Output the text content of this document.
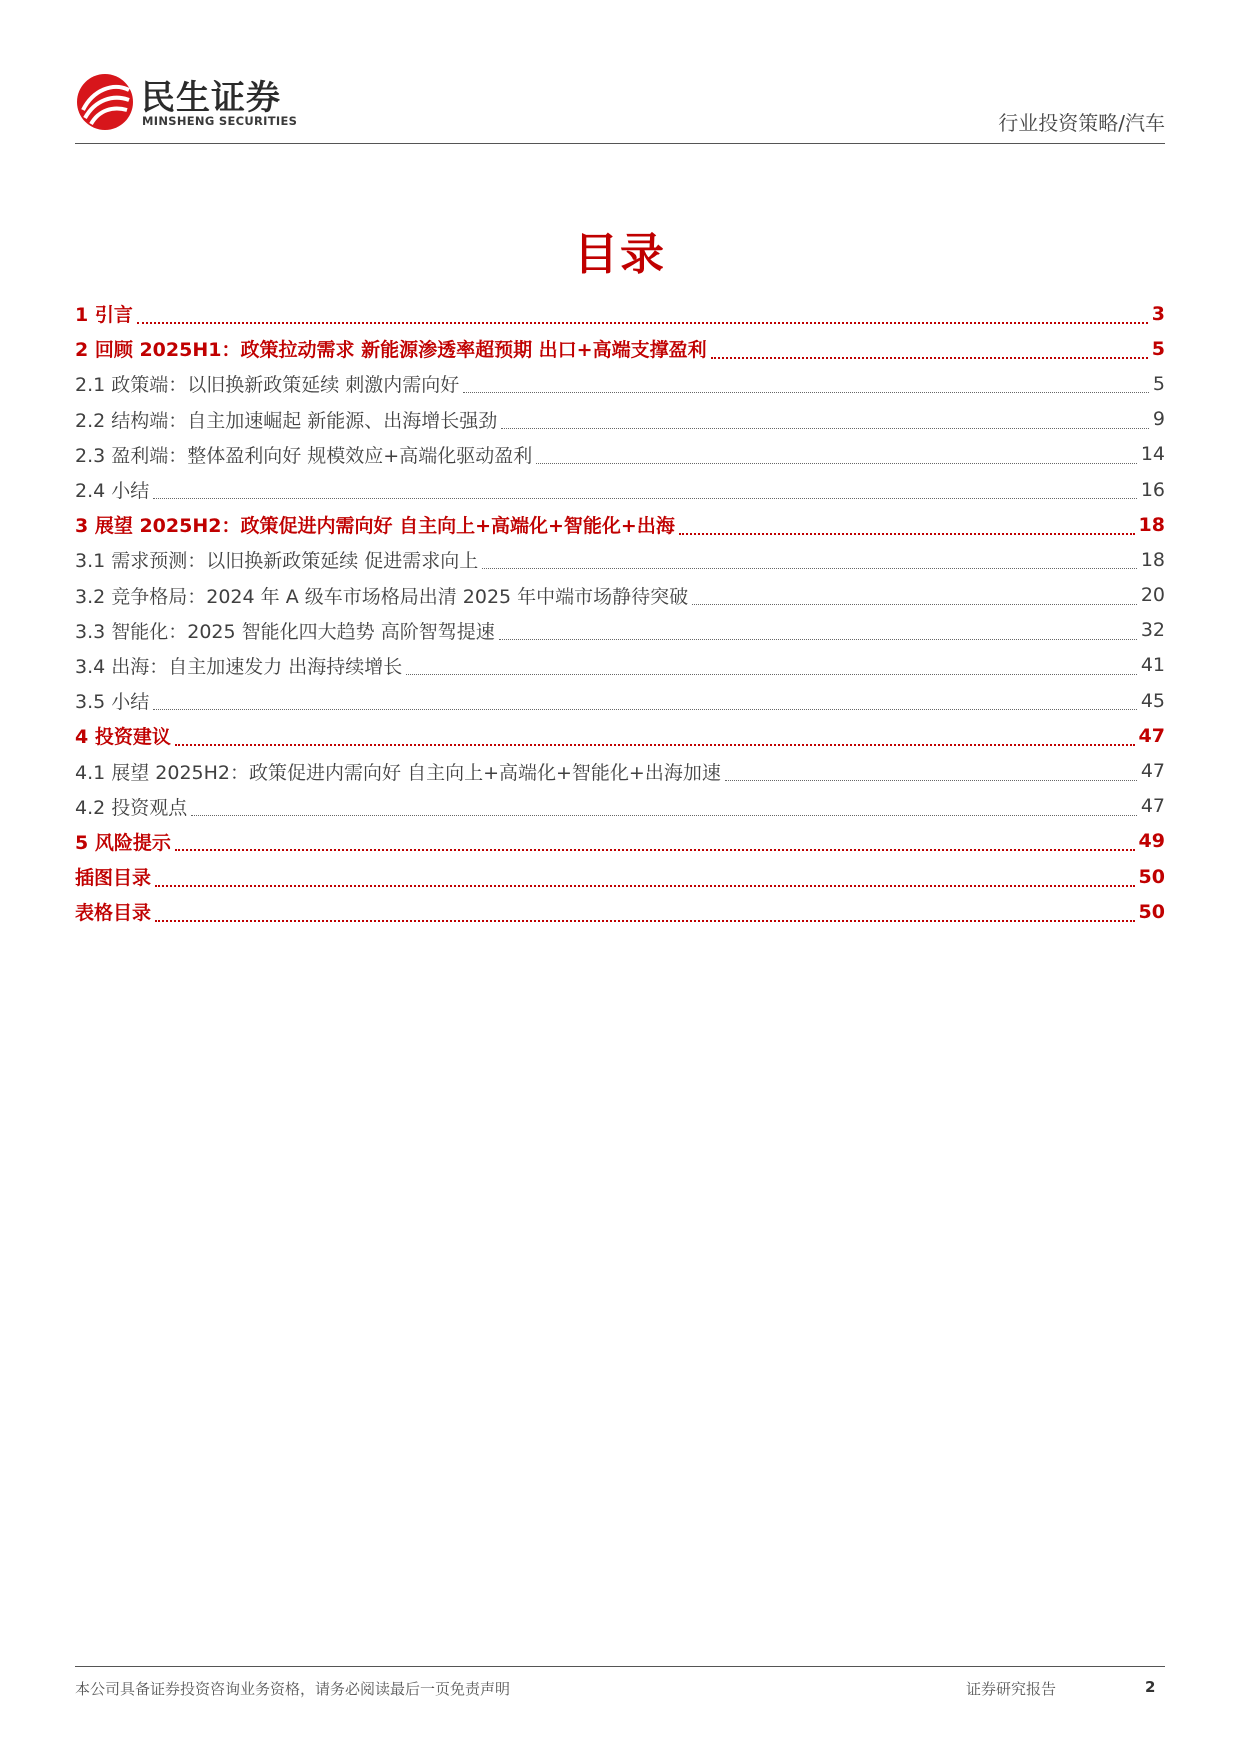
民生证券
MINSHENG SECURITIES	行业投资策略/汽车
目录
1 引言	3
2 回顾 2025H1：政策拉动需求 新能源渗透率超预期 出口+高端支撑盈利	5
2.1 政策端：以旧换新政策延续 刺激内需向好	5
2.2 结构端：自主加速崛起 新能源、出海增长强劲	9
2.3 盈利端：整体盈利向好 规模效应+高端化驱动盈利	14
2.4 小结	16
3 展望 2025H2：政策促进内需向好 自主向上+高端化+智能化+出海	18
3.1 需求预测：以旧换新政策延续 促进需求向上	18
3.2 竞争格局：2024 年 A 级车市场格局出清 2025 年中端市场静待突破	20
3.3 智能化：2025 智能化四大趋势 高阶智驾提速	32
3.4 出海：自主加速发力 出海持续增长	41
3.5 小结	45
4 投资建议	47
4.1 展望 2025H2：政策促进内需向好 自主向上+高端化+智能化+出海加速	47
4.2 投资观点	47
5 风险提示	49
插图目录	50
表格目录	50
本公司具备证券投资咨询业务资格，请务必阅读最后一页免责声明	证券研究报告	2
